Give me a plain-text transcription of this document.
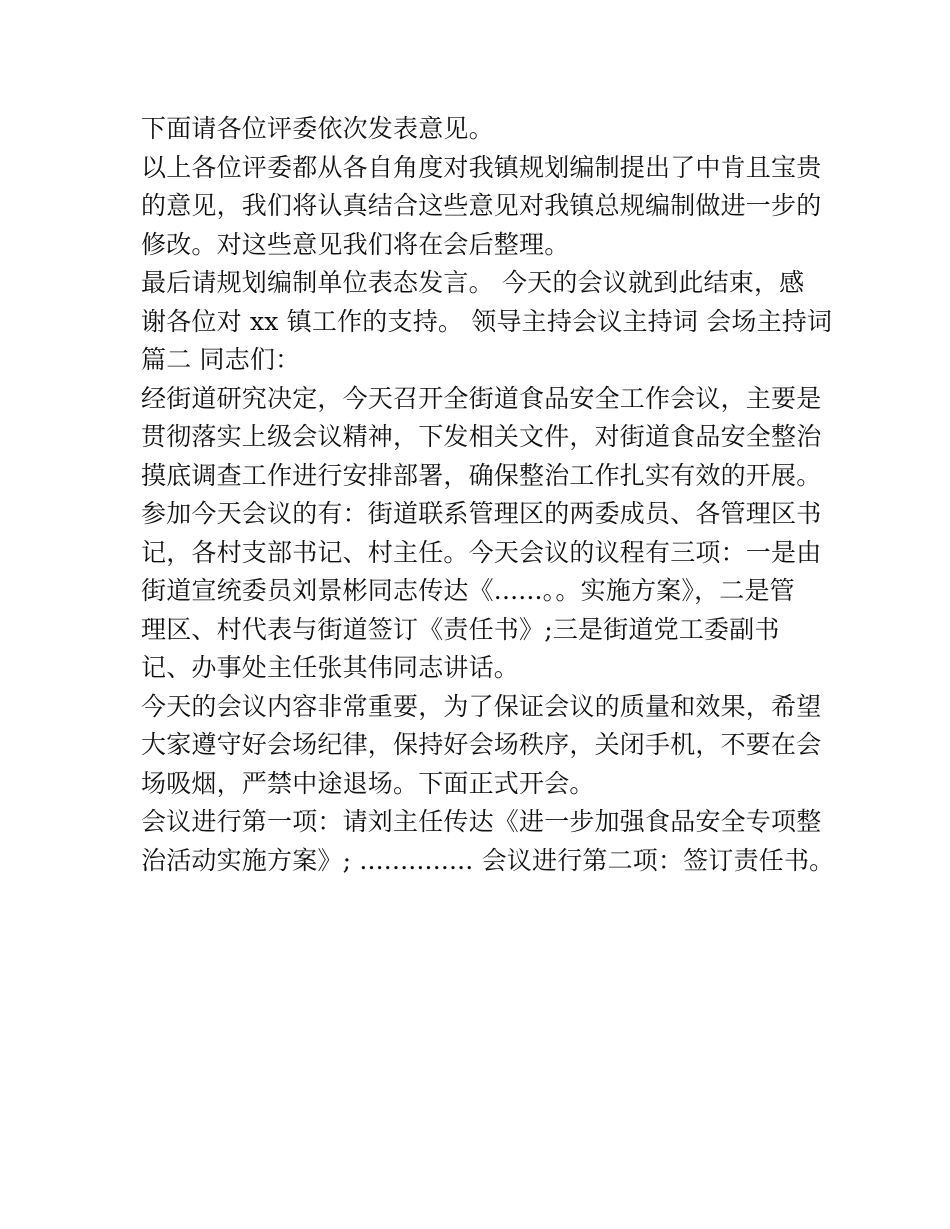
下面请各位评委依次发表意见。
以上各位评委都从各自角度对我镇规划编制提出了中肯且宝贵
的意见，我们将认真结合这些意见对我镇总规编制做进一步的
修改。对这些意见我们将在会后整理。
最后请规划编制单位表态发言。 今天的会议就到此结束，感
谢各位对 xx 镇工作的支持。 领导主持会议主持词 会场主持词
篇二 同志们：
经街道研究决定，今天召开全街道食品安全工作会议，主要是
贯彻落实上级会议精神，下发相关文件，对街道食品安全整治
摸底调查工作进行安排部署，确保整治工作扎实有效的开展。
参加今天会议的有：街道联系管理区的两委成员、各管理区书
记，各村支部书记、村主任。今天会议的议程有三项：一是由
街道宣统委员刘景彬同志传达《......。。实施方案》，二是管
理区、村代表与街道签订《责任书》;三是街道党工委副书
记、办事处主任张其伟同志讲话。
今天的会议内容非常重要，为了保证会议的质量和效果，希望
大家遵守好会场纪律，保持好会场秩序，关闭手机，不要在会
场吸烟，严禁中途退场。下面正式开会。
会议进行第一项：请刘主任传达《进一步加强食品安全专项整
治活动实施方案》; .............. 会议进行第二项：签订责任书。
